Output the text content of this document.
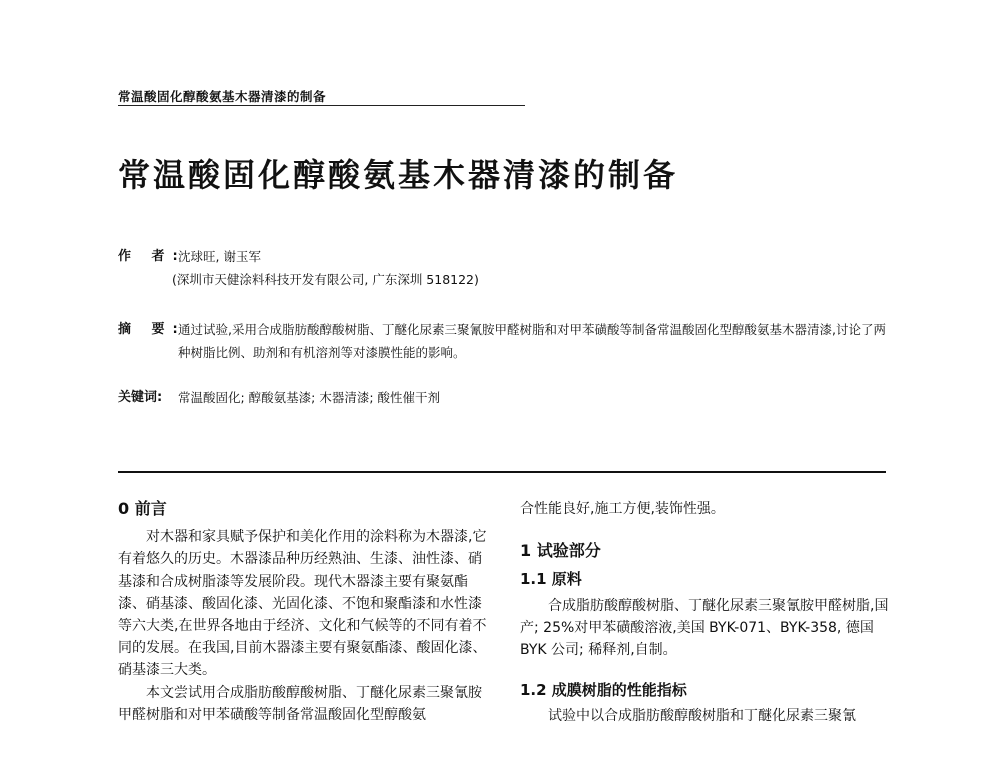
常温酸固化醇酸氨基木器清漆的制备
常温酸固化醇酸氨基木器清漆的制备
作 者:
沈球旺, 谢玉军
(深圳市天健涂料科技开发有限公司, 广东深圳 518122)
摘 要:
通过试验,采用合成脂肪酸醇酸树脂、丁醚化尿素三聚氰胺甲醛树脂和对甲苯磺酸等制备常温酸固化型醇酸氨基木器清漆,讨论了两种树脂比例、助剂和有机溶剂等对漆膜性能的影响。
关键词: 常温酸固化; 醇酸氨基漆; 木器清漆; 酸性催干剂
0 前言

对木器和家具赋予保护和美化作用的涂料称为木器漆,它有着悠久的历史。木器漆品种历经熟油、生漆、油性漆、硝基漆和合成树脂漆等发展阶段。现代木器漆主要有聚氨酯漆、硝基漆、酸固化漆、光固化漆、不饱和聚酯漆和水性漆等六大类,在世界各地由于经济、文化和气候等的不同有着不同的发展。在我国,目前木器漆主要有聚氨酯漆、酸固化漆、硝基漆三大类。

本文尝试用合成脂肪酸醇酸树脂、丁醚化尿素三聚氰胺甲醛树脂和对甲苯磺酸等制备常温酸固化型醇酸氨

合性能良好,施工方便,装饰性强。

1 试验部分
1.1 原料

合成脂肪酸醇酸树脂、丁醚化尿素三聚氰胺甲醛树脂,国产; 25%对甲苯磺酸溶液,美国 BYK-071、BYK-358, 德国 BYK 公司; 稀释剂,自制。

1.2 成膜树脂的性能指标

试验中以合成脂肪酸醇酸树脂和丁醚化尿素三聚氰
